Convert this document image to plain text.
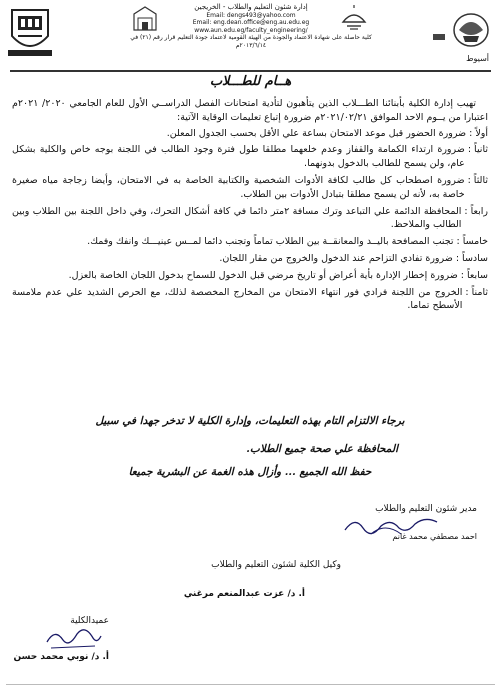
أسيوط
إدارة شئون التعليم والطلاب - الخريجين
Email: dengs493@yahoo.com
Email: eng.dean.office@eng.au.edu.eg
www.aun.edu.eg/faculty_engineering/
كلية حاصلة على شهادة الاعتماد والجودة من الهيئة القومية لاعتماد جودة التعليم قرار رقم (٢١) في
٢٠١٣/٦/١٤م
هــام للطـــلاب

تهيب إدارة الكلية بأبنائنا الطـــلاب الذين يتأهبون لتأدية امتحانات الفصل الدراســي الأول للعام الجامعي ٢٠٢٠/ ٢٠٢١م اعتبارا من يــوم الاحد الموافق ٢٠٢١/٠٢/٢١م ضرورة إتباع تعليمات الوقاية الآتية:

أولاً :
ضرورة الحضور قبل موعد الامتحان بساعة علي الأقل بحسب الجدول المعلن.
ثانياً :
ضرورة ارتداء الكمامة والقفاز وعدم خلعهما مطلقا طول فترة وجود الطالب في اللجنة بوجه خاص والكلية بشكل عام، ولن يسمح للطالب بالدخول بدونهما.
ثالثاً :
ضرورة اصطحاب كل طالب لكافة الأدوات الشخصية والكتابية الخاصة به في الامتحان، وأيضا زجاجة مياه صغيرة خاصة به، لأنه لن يسمح مطلقا بتبادل الأدوات بين الطلاب.
رابعاً :
المحافظة الدائمة علي التباعد وترك مسافة ٢متر دائما في كافة أشكال التحرك، وفي داخل اللجنة بين الطلاب وبين الطالب والملاحظ.
خامساً :
تجنب المصافحة باليــد والمعانقــة بين الطلاب تماماً وتجنب دائما لمــس عينيـــك وانفك وفمك.
سادساً :
ضرورة تفادي التزاحم عند الدخول والخروج من مقار اللجان.
سابعاً :
ضرورة إخطار الإدارة بأية أعراض أو تاريخ مرضي قبل الدخول للسماح بدخول اللجان الخاصة بالعزل.
ثامناً :
الخروج من اللجنة فرادي فور انتهاء الامتحان من المخارج المخصصة لذلك، مع الحرص الشديد علي عدم ملامسة الأسطح تماما.
برجاء الالتزام التام بهذه التعليمات، وإدارة الكلية لا تدخر جهدا في سبيل
المحافظة علي صحة جميع الطلاب.
حفظ الله الجميع ... وأزال هذه الغمة عن البشرية جميعا
مدير شئون التعليم والطلاب
احمد مصطفي محمد غانم
وكيل الكلية لشئون التعليم والطلاب
أ. د/ عزت عبدالمنعم مرغني
عميدالكلية
أ. د/ نوبي محمد حسن
